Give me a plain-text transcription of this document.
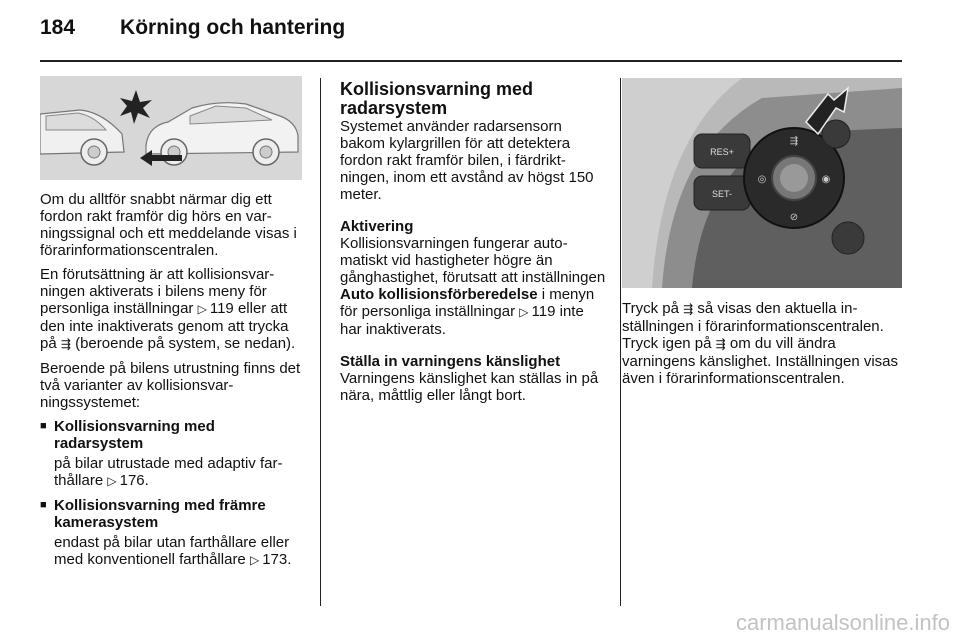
184 Körning och hantering

Om du alltför snabbt närmar dig ett fordon rakt framför dig hörs en varningssignal och ett meddelande visas i förarinformationscentralen.

En förutsättning är att kollisionsvarningen aktiverats i bilens meny för personliga inställningar ▷  119 eller att den inte inaktiverats genom att trycka på ⇶ (beroende på system, se nedan).

Beroende på bilens utrustning finns det två varianter av kollisionsvarningssystemet:

■ Kollisionsvarning med radarsystem

på bilar utrustade med adaptiv farthållare ▷  176.

■ Kollisionsvarning med främre kamerasystem

endast på bilar utan farthållare eller med konventionell farthållare ▷  173.

Kollisionsvarning med radarsystem

Systemet använder radarsensorn bakom kylargrillen för att detektera fordon rakt framför bilen, i färdriktningen, inom ett avstånd av högst 150 meter.

Aktivering

Kollisionsvarningen fungerar automatiskt vid hastigheter högre än gånghastighet, förutsatt att inställningen Auto kollisionsförberedelse i menyn för personliga inställningar ▷  119 inte har inaktiverats.

Ställa in varningens känslighet

Varningens känslighet kan ställas in på nära, måttlig eller långt bort.

RES+
SET-
⇶
◎	◉
⊘

Tryck på ⇶ så visas den aktuella inställningen i förarinformationscentralen. Tryck igen på ⇶ om du vill ändra varningens känslighet. Inställningen visas även i förarinformationscentralen.

carmanualsonline.info
